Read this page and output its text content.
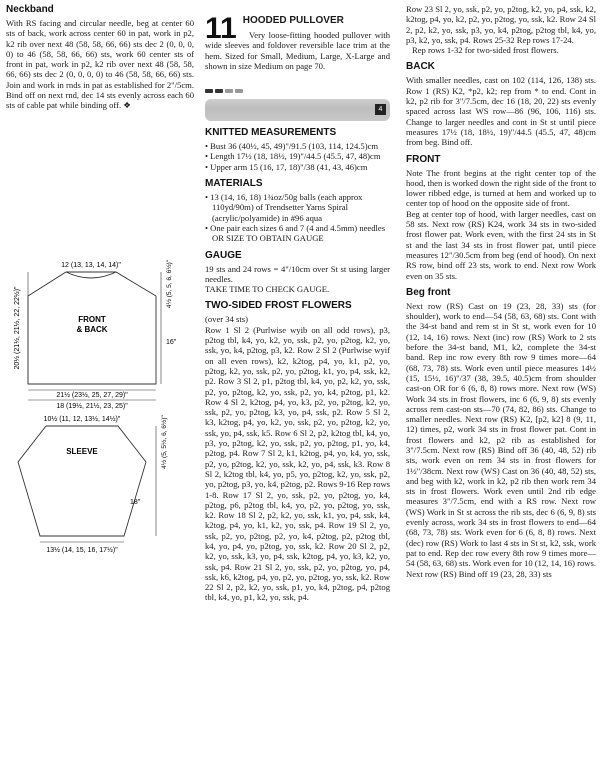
Neckband

With RS facing and circular needle, beg at center 60 sts of back, work across center 60 in pat, work in p2, k2 rib over next 48 (58, 58, 66, 66) sts dec 2 (0, 0, 0, 0) to 46 (58, 58, 66, 66) sts, work 60 center sts of front in pat, work in p2, k2 rib over next 48 (58, 58, 66, 66) sts dec 2 (0, 0, 0, 0) to 46 (58, 58, 66, 66) sts. Join and work in rnds in pat as established for 2"/5cm. Bind off on next rnd, dec 14 sts evenly across each 60 sts of cable pat while binding off. ❖

12 (13, 13, 14, 14)"
FRONT
& BACK
20½ (21½, 21½, 22, 22½)"
4½ (5, 5, 6, 6½)"
16"
21½ (23½, 25, 27, 29)"
18 (19½, 21½, 23, 25)"
10½ (11, 12, 13½, 14½)"
SLEEVE	4½ (5, 5½, 6, 6½)"
18"
13½ (14, 15, 16, 17½)"
11 HOODED PULLOVER

Very loose-fitting hooded pullover with wide sleeves and foldover reversible lace trim at the hem. Sized for Small, Medium, Large, X-Large and shown in size Medium on page 70.

4
KNITTED MEASUREMENTS
• Bust 36 (40½, 45, 49)"/91.5 (103, 114, 124.5)cm
• Length 17½ (18, 18½, 19)"/44.5 (45.5, 47, 48)cm
• Upper arm 15 (16, 17, 18)"/38 (41, 43, 46)cm
MATERIALS
• 13 (14, 16, 18) 1¾oz/50g balls (each approx 110yd/90m) of Trendsetter Yarns Spiral (acrylic/polyamide) in #96 aqua
• One pair each sizes 6 and 7 (4 and 4.5mm) needles OR SIZE TO OBTAIN GAUGE
GAUGE

19 sts and 24 rows = 4"/10cm over St st using larger needles.

TAKE TIME TO CHECK GAUGE.

TWO-SIDED FROST FLOWERS

(over 34 sts)

Row 1 Sl 2 (Purlwise wyib on all odd rows), p3, p2tog tbl, k4, yo, k2, yo, ssk, p2, yo, p2tog, k2, yo, ssk, yo, k4, p2tog, p3, k2. Row 2 Sl 2 (Purlwise wyif on all even rows), k2, k2tog, p4, yo, k1, p2, yo, p2tog, k2, yo, ssk, p2, yo, p2tog, k1, yo, p4, ssk, k2, p2. Row 3 Sl 2, p1, p2tog tbl, k4, yo, p2, k2, yo, ssk, p2, yo, p2tog, k2, yo, ssk, p2, yo, k4, p2tog, p1, k2. Row 4 Sl 2, k2tog, p4, yo, k3, p2, yo, p2tog, k2, yo, ssk, p2, yo, p2tog, k3, yo, p4, ssk, p2. Row 5 Sl 2, k3, k2tog, p4, yo, k2, yo, ssk, p2, yo, p2tog, k2, yo, ssk, yo, p4, ssk, k5. Row 6 Sl 2, p2, k2tog tbl, k4, yo, p3, yo, p2tog, k2, yo, ssk, p2, yo, p2tog, p1, yo, k4, p2tog, p4. Row 7 Sl 2, k1, k2tog, p4, yo, k4, yo, ssk, p2, yo, p2tog, k2, yo, ssk, k2, yo, p4, ssk, k3. Row 8 Sl 2, k2tog tbl, k4, yo, p5, yo, p2tog, k2, yo, ssk, p2, yo, p2tog, p3, yo, k4, p2tog, p2. Rows 9-16 Rep rows 1-8. Row 17 Sl 2, yo, ssk, p2, yo, p2tog, yo, k4, p2tog, p6, p2tog tbl, k4, yo, p2, yo, p2tog, yo, ssk, k2. Row 18 Sl 2, p2, k2, yo, ssk, k1, yo, p4, ssk, k4, k2tog, p4, yo, k1, k2, yo, ssk, p4. Row 19 Sl 2, yo, ssk, p2, yo, p2tog, p2, yo, k4, p2tog, p2, p2tog tbl, k4, yo, p4, yo, p2tog, yo, ssk, k2. Row 20 Sl 2, p2, k2, yo, ssk, k3, yo, p4, ssk, k2tog, p4, yo, k3, k2, yo, ssk, p4. Row 21 Sl 2, yo, ssk, p2, yo, p2tog, yo, p4, ssk, k6, k2tog, p4, yo, p2, yo, p2tog, yo, ssk, k2. Row 22 Sl 2, p2, k2, yo, ssk, p1, yo, k4, p2tog, p4, p2tog tbl, k4, yo, p1, k2, yo, ssk, p4.

Row 23 Sl 2, yo, ssk, p2, yo, p2tog, k2, yo, p4, ssk, k2, k2tog, p4, yo, k2, p2, yo, p2tog, yo, ssk, k2. Row 24 Sl 2, p2, k2, yo, ssk, p3, yo, k4, p2tog, p2tog tbl, k4, yo, p3, k2, yo, ssk, p4. Rows 25-32 Rep rows 17-24.

Rep rows 1-32 for two-sided frost flowers.

BACK

With smaller needles, cast on 102 (114, 126, 138) sts. Row 1 (RS) K2, *p2, k2; rep from * to end. Cont in k2, p2 rib for 3"/7.5cm, dec 16 (18, 20, 22) sts evenly spaced across last WS row—86 (96, 106, 116) sts. Change to larger needles and cont in St st until piece measures 17½ (18, 18½, 19)"/44.5 (45.5, 47, 48)cm from beg. Bind off.

FRONT

Note The front begins at the right center top of the hood, then is worked down the right side of the front to lower ribbed edge, is turned at hem and worked up to center top of hood on the opposite side of front.

Beg at center top of hood, with larger needles, cast on 58 sts. Next row (RS) K24, work 34 sts in two-sided frost flower pat. Work even, with the first 24 sts in St st and the last 34 sts in frost flower pat, until piece measures 12"/30.5cm from beg (end of hood). On next RS row, bind off 23 sts, work to end. Next row Work even on 35 sts.

Beg front

Next row (RS) Cast on 19 (23, 28, 33) sts (for shoulder), work to end—54 (58, 63, 68) sts. Cont with the 34-st band and rem st in St st, work even for 10 (12, 14, 16) rows. Next (inc) row (RS) Work to 2 sts before the 34-st band, M1, k2, complete the 34-st band. Rep inc row every 8th row 9 times more—64 (68, 73, 78) sts. Work even until piece measures 14½ (15, 15½, 16)"/37 (38, 39.5, 40.5)cm from shoulder cast-on OR for 6 (6, 8, 8) rows more. Next row (WS) Work 34 sts in frost flowers, inc 6 (6, 9, 8) sts evenly across rem cast-on sts—70 (74, 82, 86) sts. Change to smaller needles. Next row (RS) K2, [p2, k2] 8 (9, 11, 12) times, p2, work 34 sts in frost flower pat. Cont in frost flowers and k2, p2 rib as established for 3"/7.5cm. Next row (RS) Bind off 36 (40, 48, 52) rib sts, work even on rem 34 sts in frost flowers for 1½"/38cm. Next row (WS) Cast on 36 (40, 48, 52) sts, and beg with k2, work in k2, p2 rib then work rem 34 sts in frost flowers. Work even until 2nd rib edge measures 3"/7.5cm, end with a RS row. Next row (WS) Work in St st across the rib sts, dec 6 (6, 9, 8) sts evenly across, work 34 sts in frost flowers to end—64 (68, 73, 78) sts. Work even for 6 (6, 8, 8) rows. Next (dec) row (RS) Work to last 4 sts in St st, k2, ssk, work pat to end. Rep dec row every 8th row 9 times more—54 (58, 63, 68) sts. Work even for 10 (12, 14, 16) rows. Next row (RS) Bind off 19 (23, 28, 33) sts
